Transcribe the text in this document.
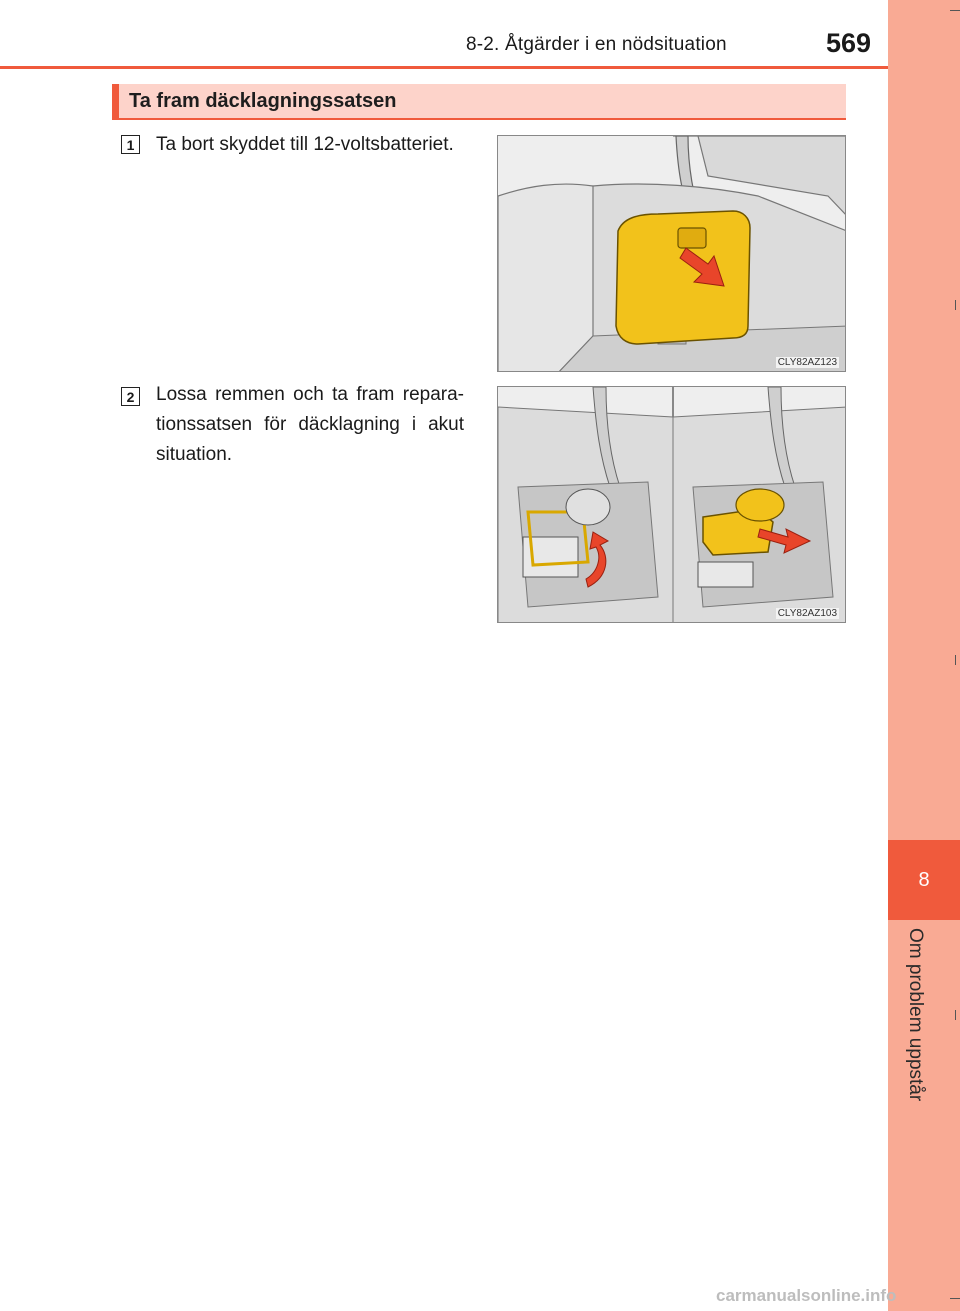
8-2. Åtgärder i en nödsituation	569
8
Om problem uppstår
Ta fram däcklagningssatsen
1 Ta bort skyddet till 12-voltsbatteriet.
CLY82AZ123
2 Lossa remmen och ta fram repara-tionssatsen för däcklagning i akut situation.
CLY82AZ103
carmanualsonline.info
